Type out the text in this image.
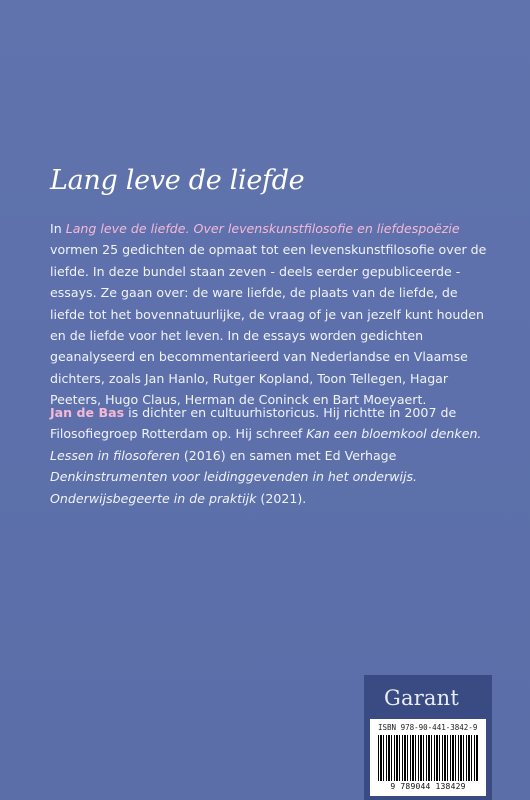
Lang leve de liefde

In Lang leve de liefde. Over levenskunstfilosofie en liefdespoëzie vormen 25 gedichten de opmaat tot een levenskunstfilosofie over de liefde. In deze bundel staan zeven - deels eerder gepubliceerde - essays. Ze gaan over: de ware liefde, de plaats van de liefde, de liefde tot het bovennatuurlijke, de vraag of je van jezelf kunt houden en de liefde voor het leven. In de essays worden gedichten geanalyseerd en becommentarieerd van Nederlandse en Vlaamse dichters, zoals Jan Hanlo, Rutger Kopland, Toon Tellegen, Hagar Peeters, Hugo Claus, Herman de Coninck en Bart Moeyaert.

Jan de Bas is dichter en cultuurhistoricus. Hij richtte in 2007 de Filosofiegroep Rotterdam op. Hij schreef Kan een bloemkool denken. Lessen in filosoferen (2016) en samen met Ed Verhage Denkinstrumenten voor leidinggevenden in het onderwijs. Onderwijsbegeerte in de praktijk (2021).

Garant
ISBN 978-90-441-3842-9
9 789044 138429
